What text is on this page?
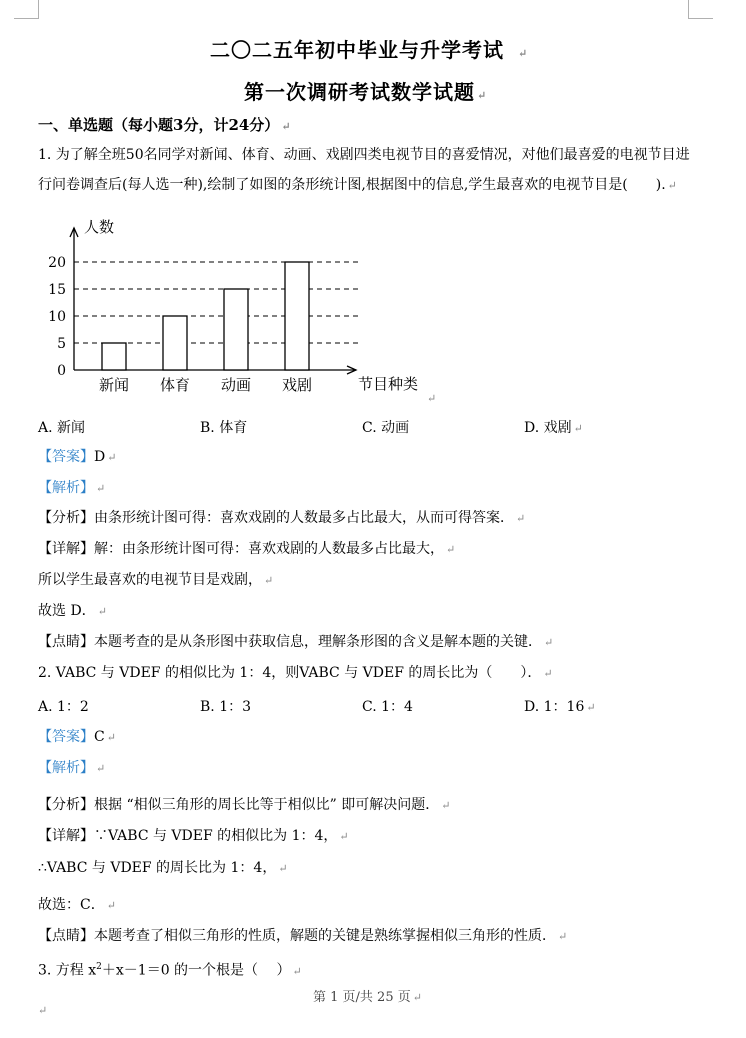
二〇二五年初中毕业与升学考试 ↵
第一次调研考试数学试题 ↵
一、单选题（每小题3分，计24分） ↵
1. 为了解全班50名同学对新闻、体育、动画、戏剧四类电视节目的喜爱情况，对他们最喜爱的电视节目进
行问卷调查后(每人选一种),绘制了如图的条形统计图,根据图中的信息,学生最喜欢的电视节目是(　　). ↵
人数
节目种类
0
5
10
15
20
新闻 体育 动画 戏剧
↵
A. 新闻	B. 体育	C. 动画	D. 戏剧 ↵
【答案】D ↵
【解析】 ↵
【分析】由条形统计图可得：喜欢戏剧的人数最多占比最大，从而可得答案． ↵
【详解】解：由条形统计图可得：喜欢戏剧的人数最多占比最大， ↵
所以学生最喜欢的电视节目是戏剧， ↵
故选 D． ↵
【点睛】本题考查的是从条形图中获取信息，理解条形图的含义是解本题的关键． ↵
2. VABC 与 VDEF 的相似比为 1：4，则VABC 与 VDEF 的周长比为（　　）． ↵
A. 1：2	B. 1：3	C. 1：4	D. 1：16 ↵
【答案】C ↵
【解析】 ↵
【分析】根据 “相似三角形的周长比等于相似比” 即可解决问题． ↵
【详解】∵VABC 与 VDEF 的相似比为 1：4， ↵
∴VABC 与 VDEF 的周长比为 1：4， ↵
故选：C． ↵
【点睛】本题考查了相似三角形的性质，解题的关键是熟练掌握相似三角形的性质． ↵
3. 方程 $x^2+x-1=0$ 的一个根是（　 ） ↵
第 1 页/共 25 页 ↵
↵
